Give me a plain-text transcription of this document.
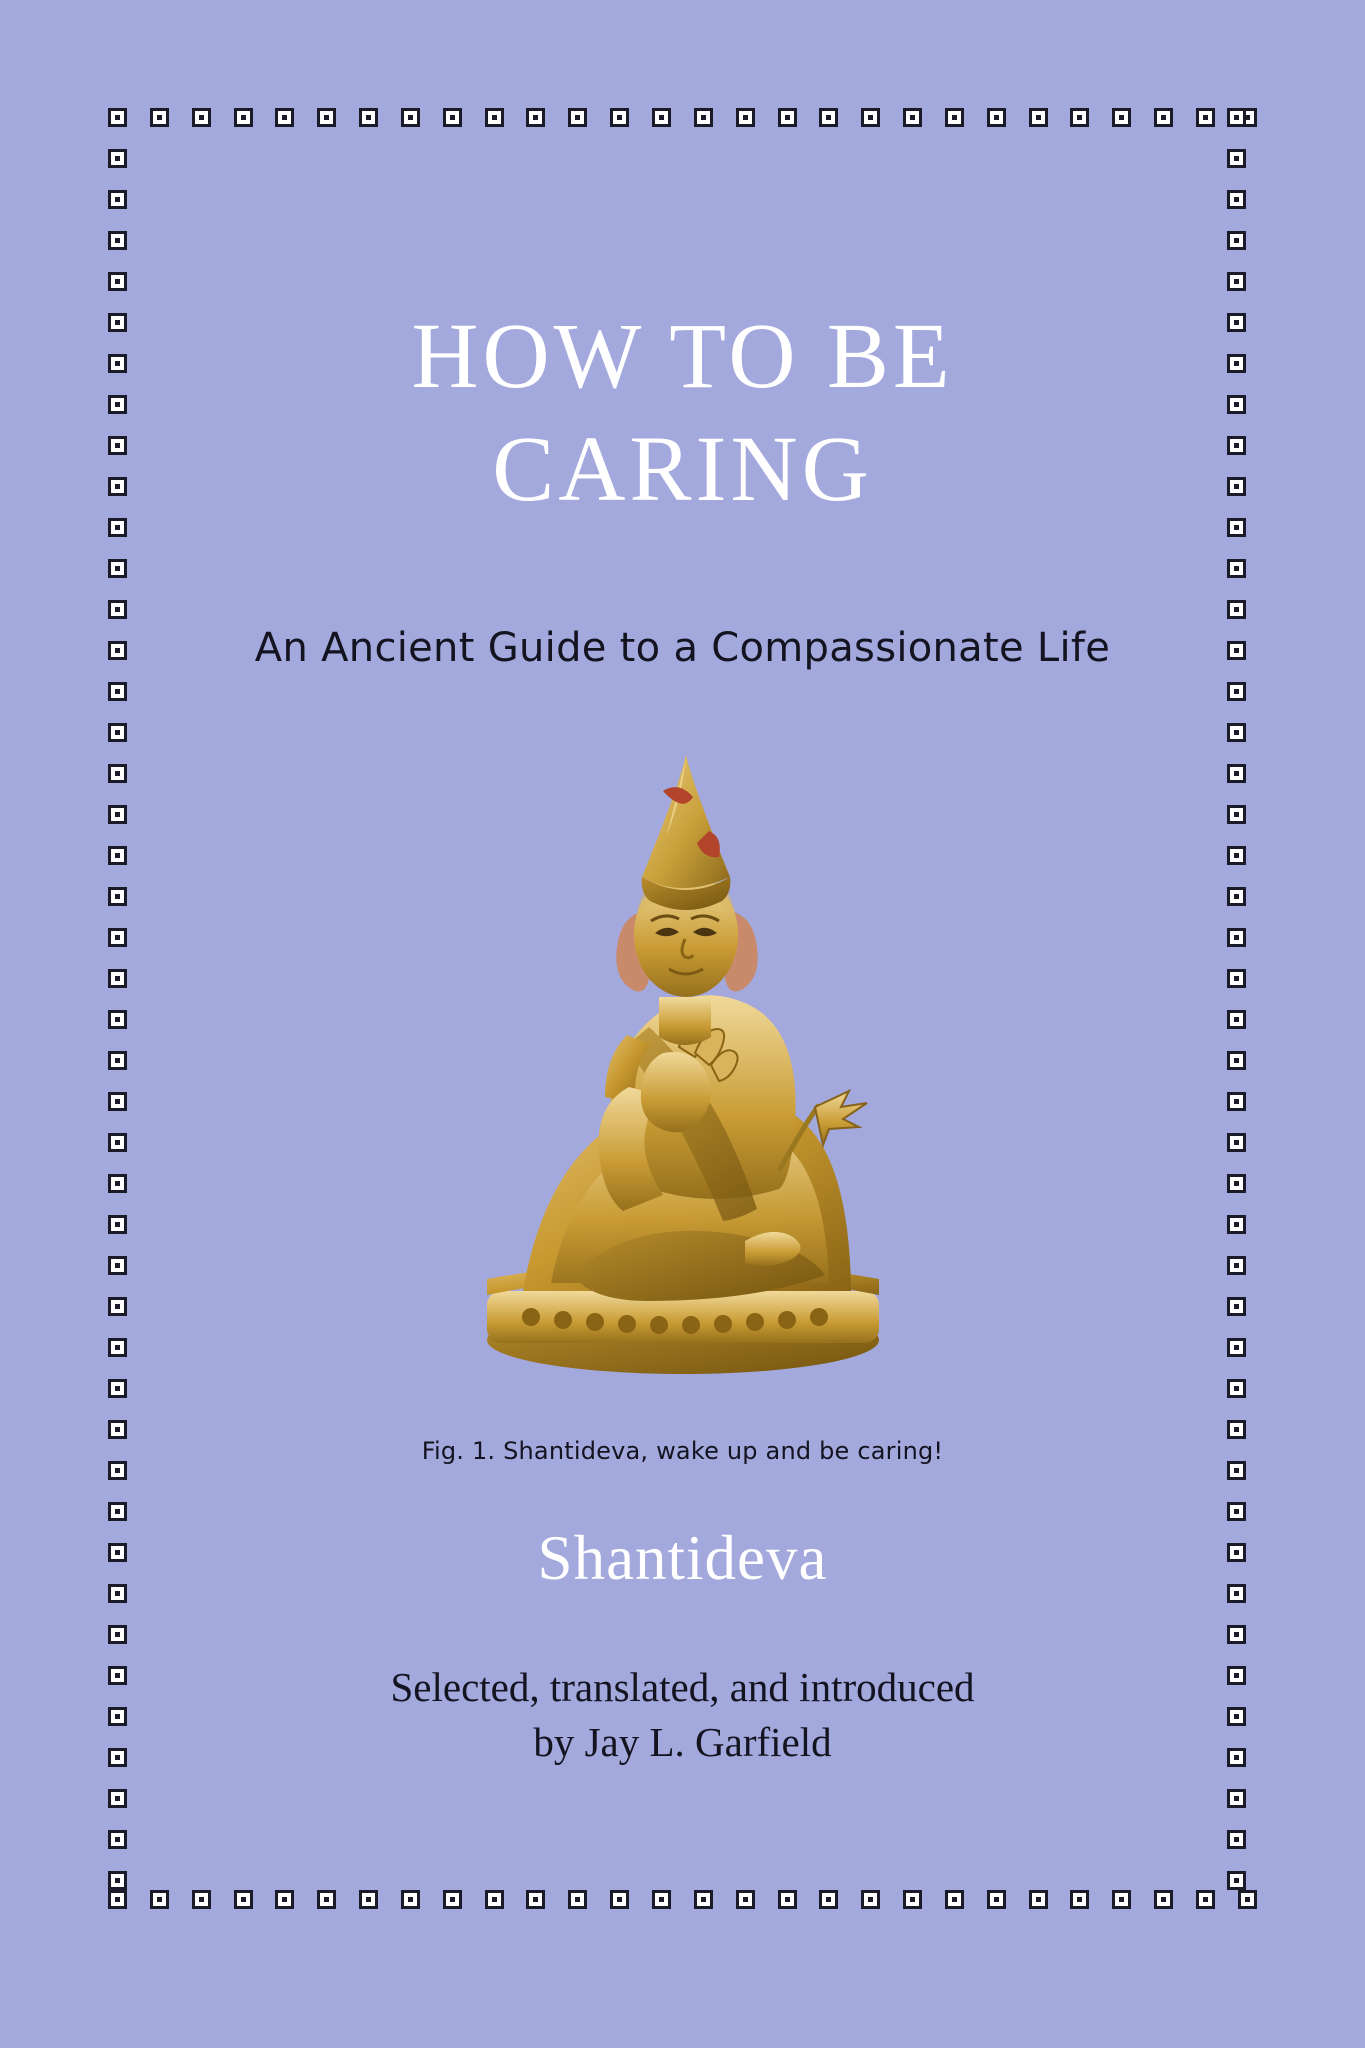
HOW TO BE
CARING
An Ancient Guide to a Compassionate Life
Fig. 1. Shantideva, wake up and be caring!
Shantideva
Selected, translated, and introduced
by Jay L. Garfield
